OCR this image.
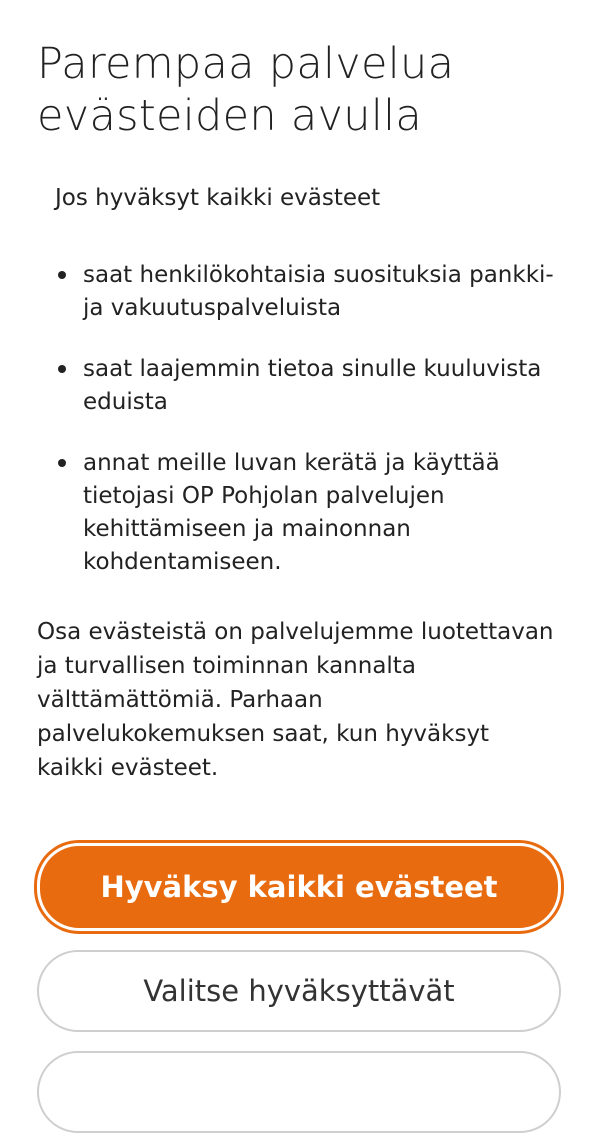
Parempaa palvelua evästeiden avulla

Jos hyväksyt kaikki evästeet

saat henkilökohtaisia suosituksia pankki- ja vakuutuspalveluista
saat laajemmin tietoa sinulle kuuluvista eduista
annat meille luvan kerätä ja käyttää tietojasi OP Pohjolan palvelujen kehittämiseen ja mainonnan kohdentamiseen.

Osa evästeistä on palvelujemme luotettavan ja turvallisen toiminnan kannalta välttämättömiä. Parhaan palvelukokemuksen saat, kun hyväksyt kaikki evästeet.

Hyväksy kaikki evästeet
Valitse hyväksyttävät
